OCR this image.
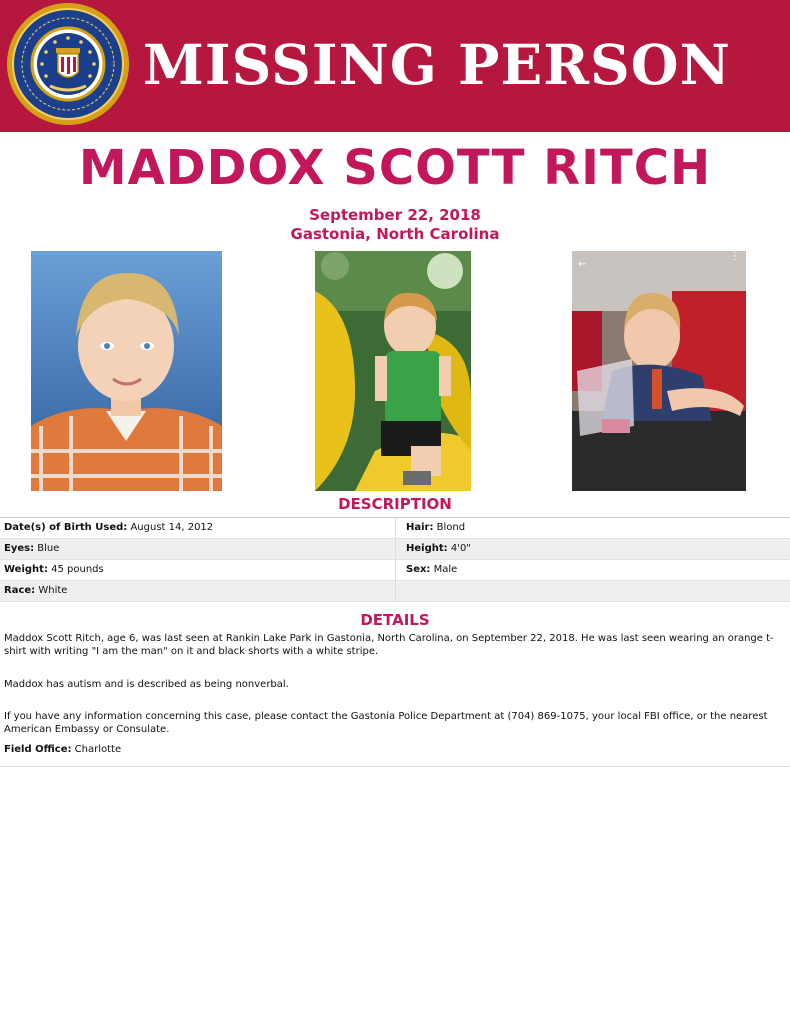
MISSING PERSON
MADDOX SCOTT RITCH
September 22, 2018
Gastonia, North Carolina
←
⋮
DESCRIPTION
Date(s) of Birth Used: August 14, 2012	Hair: Blond
Eyes: Blue	Height: 4'0"
Weight: 45 pounds	Sex: Male
Race: White
DETAILS
Maddox Scott Ritch, age 6, was last seen at Rankin Lake Park in Gastonia, North Carolina, on September 22, 2018. He was last seen wearing an orange t-shirt with writing "I am the man" on it and black shorts with a white stripe.
Maddox has autism and is described as being nonverbal.
If you have any information concerning this case, please contact the Gastonia Police Department at (704) 869-1075, your local FBI office, or the nearest American Embassy or Consulate.
Field Office: Charlotte
